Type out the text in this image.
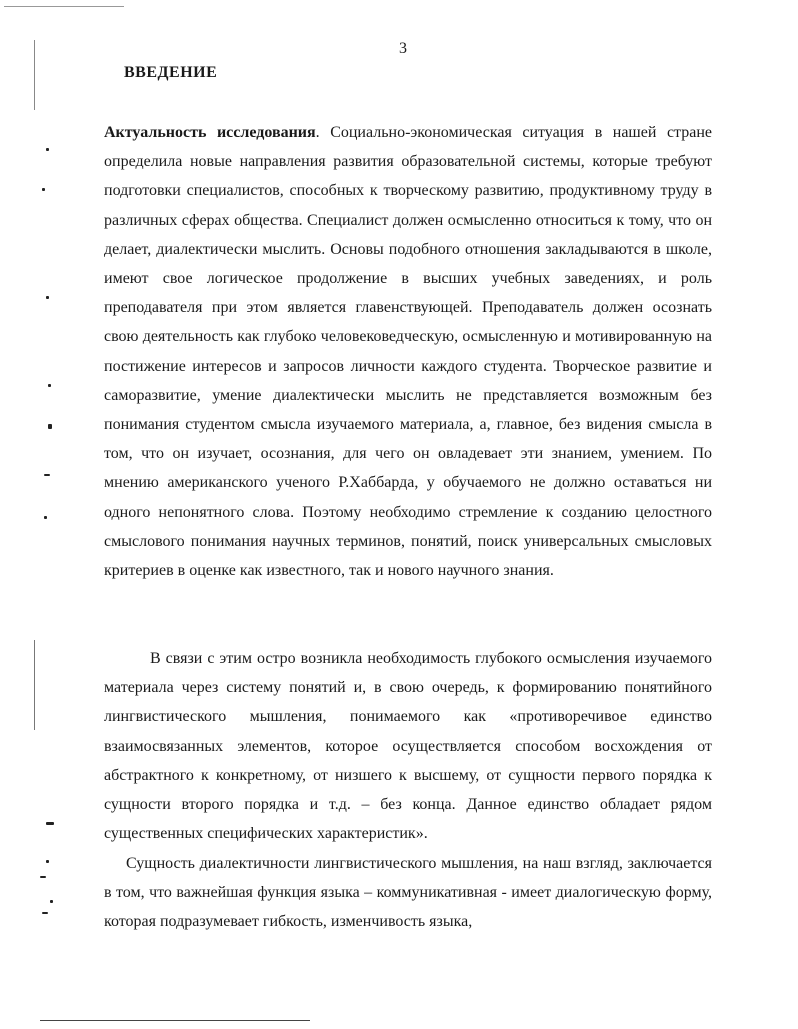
3
ВВЕДЕНИЕ

Актуальность исследования. Социально-экономическая ситуация в нашей стране определила новые направления развития образовательной системы, которые требуют подготовки специалистов, способных к творческому развитию, продуктивному труду в различных сферах общества. Специалист должен осмысленно относиться к тому, что он делает, диалектически мыслить. Основы подобного отношения закладываются в школе, имеют свое логическое продолжение в высших учебных заведениях, и роль преподавателя при этом является главенствующей. Преподаватель должен осознать свою деятельность как глубоко человековедческую, осмысленную и мотивированную на постижение интересов и запросов личности каждого студента. Творческое развитие и саморазвитие, умение диалектически мыслить не представляется возможным без понимания студентом смысла изучаемого материала, а, главное, без видения смысла в том, что он изучает, осознания, для чего он овладевает эти знанием, умением. По мнению американского ученого Р.Хаббарда, у обучаемого не должно оставаться ни одного непонятного слова. Поэтому необходимо стремление к созданию целостного смыслового понимания научных терминов, понятий, поиск универсальных смысловых критериев в оценке как известного, так и нового научного знания.

В связи с этим остро возникла необходимость глубокого осмысления изучаемого материала через систему понятий и, в свою очередь, к формированию понятийного лингвистического мышления, понимаемого как «противоречивое единство взаимосвязанных элементов, которое осуществляется способом восхождения от абстрактного к конкретному, от низшего к высшему, от сущности первого порядка к сущности второго порядка и т.д. – без конца. Данное единство обладает рядом существенных специфических характеристик».

Сущность диалектичности лингвистического мышления, на наш взгляд, заключается в том, что важнейшая функция языка – коммуникативная - имеет диалогическую форму, которая подразумевает гибкость, изменчивость языка,
